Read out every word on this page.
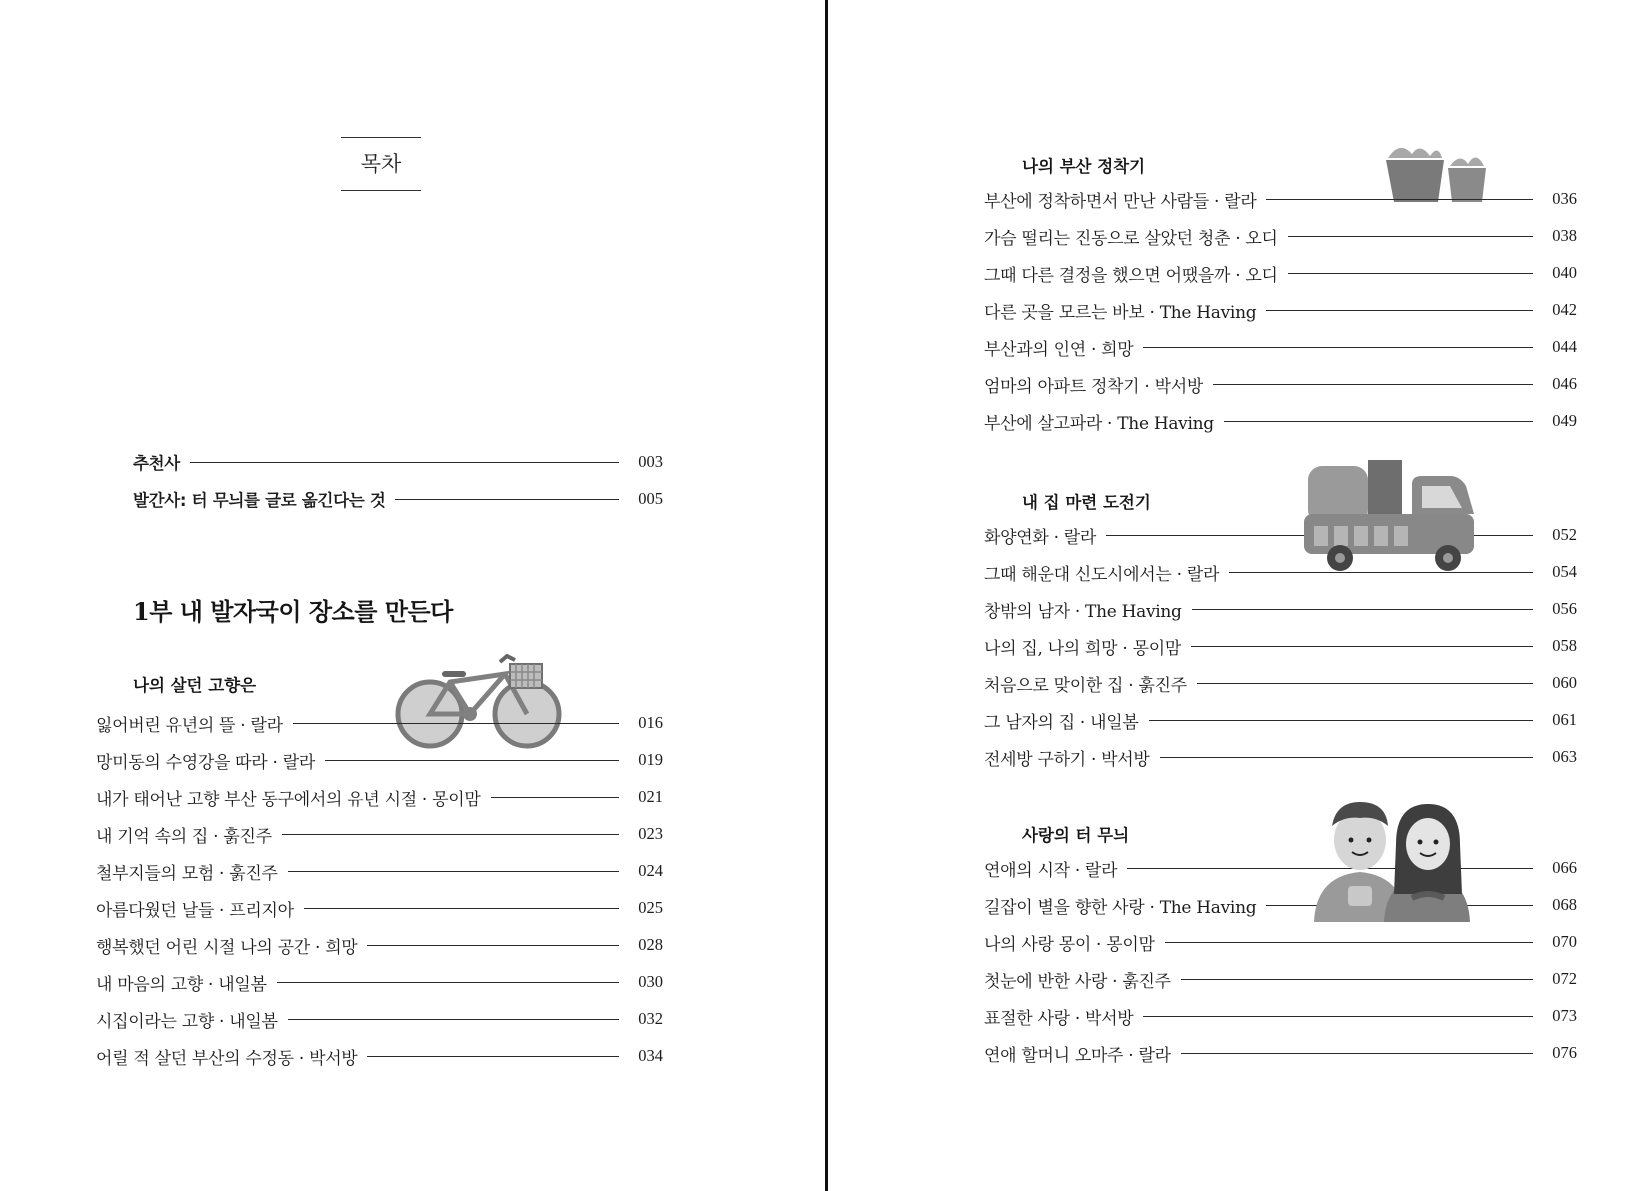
목차
추천사	003
발간사: 터 무늬를 글로 옮긴다는 것	005
1부 내 발자국이 장소를 만든다
나의 살던 고향은
잃어버린 유년의 뜰 · 랄라	016
망미동의 수영강을 따라 · 랄라	019
내가 태어난 고향 부산 동구에서의 유년 시절 · 몽이맘	021
내 기억 속의 집 · 훍진주	023
철부지들의 모험 · 훍진주	024
아름다웠던 날들 · 프리지아	025
행복했던 어린 시절 나의 공간 · 희망	028
내 마음의 고향 · 내일봄	030
시집이라는 고향 · 내일봄	032
어릴 적 살던 부산의 수정동 · 박서방	034
나의 부산 정착기
부산에 정착하면서 만난 사람들 · 랄라	036
가슴 떨리는 진동으로 살았던 청춘 · 오디	038
그때 다른 결정을 했으면 어땠을까 · 오디	040
다른 곳을 모르는 바보 · The Having	042
부산과의 인연 · 희망	044
엄마의 아파트 정착기 · 박서방	046
부산에 살고파라 · The Having	049
내 집 마련 도전기
화양연화 · 랄라	052
그때 해운대 신도시에서는 · 랄라	054
창밖의 남자 · The Having	056
나의 집, 나의 희망 · 몽이맘	058
처음으로 맞이한 집 · 훍진주	060
그 남자의 집 · 내일봄	061
전세방 구하기 · 박서방	063
사랑의 터 무늬
연애의 시작 · 랄라	066
길잡이 별을 향한 사랑 · The Having	068
나의 사랑 몽이 · 몽이맘	070
첫눈에 반한 사랑 · 훍진주	072
표절한 사랑 · 박서방	073
연애 할머니 오마주 · 랄라	076
